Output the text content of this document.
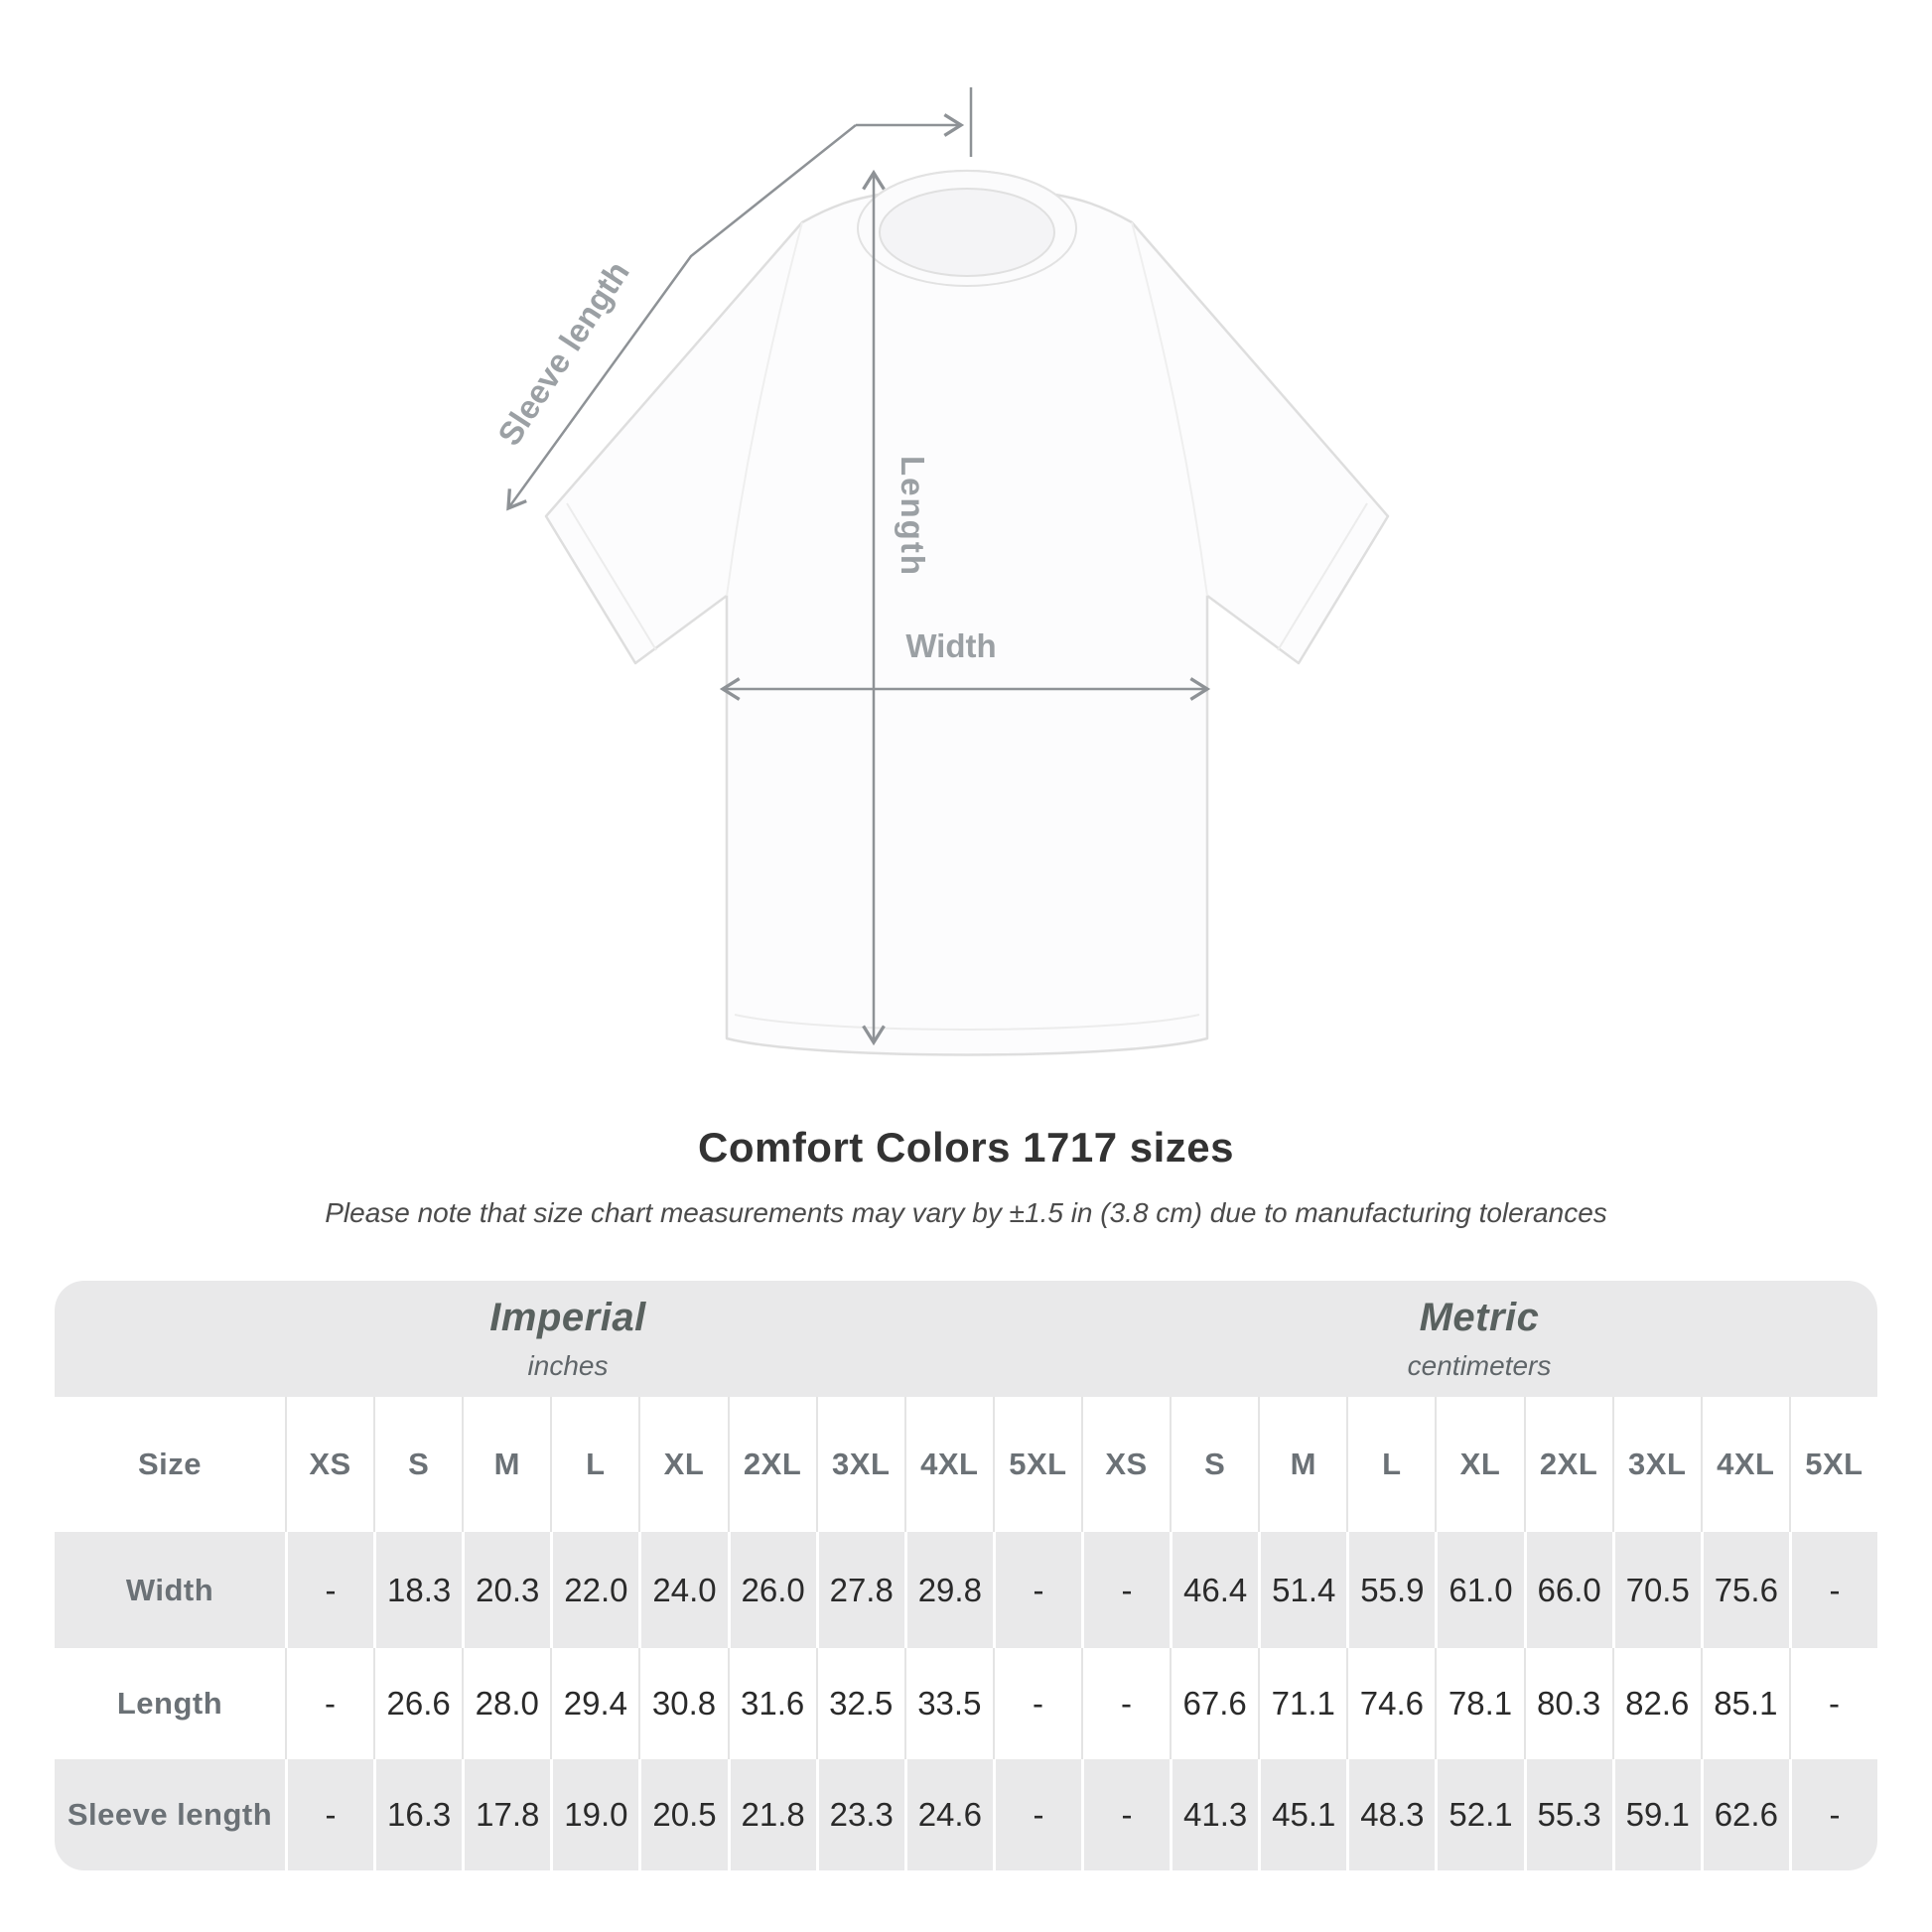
Sleeve length
Length
Width
Comfort Colors 1717 sizes

Please note that size chart measurements may vary by ±1.5 in (3.8 cm) due to manufacturing tolerances

Imperial
inches
Metric
centimeters
Size	XS	S	M	L	XL	2XL 3XL 4XL 5XL	XS	S	M	L	XL	2XL 3XL 4XL 5XL
Width	-	18.3 20.3 22.0 24.0 26.0 27.8 29.8	-	-	46.4 51.4 55.9 61.0 66.0 70.5 75.6	-
Length	-	26.6 28.0 29.4 30.8 31.6 32.5 33.5	-	-	67.6 71.1 74.6 78.1 80.3 82.6 85.1	-
Sleeve length	-	16.3 17.8 19.0 20.5 21.8 23.3 24.6	-	-	41.3 45.1 48.3 52.1 55.3 59.1 62.6	-
